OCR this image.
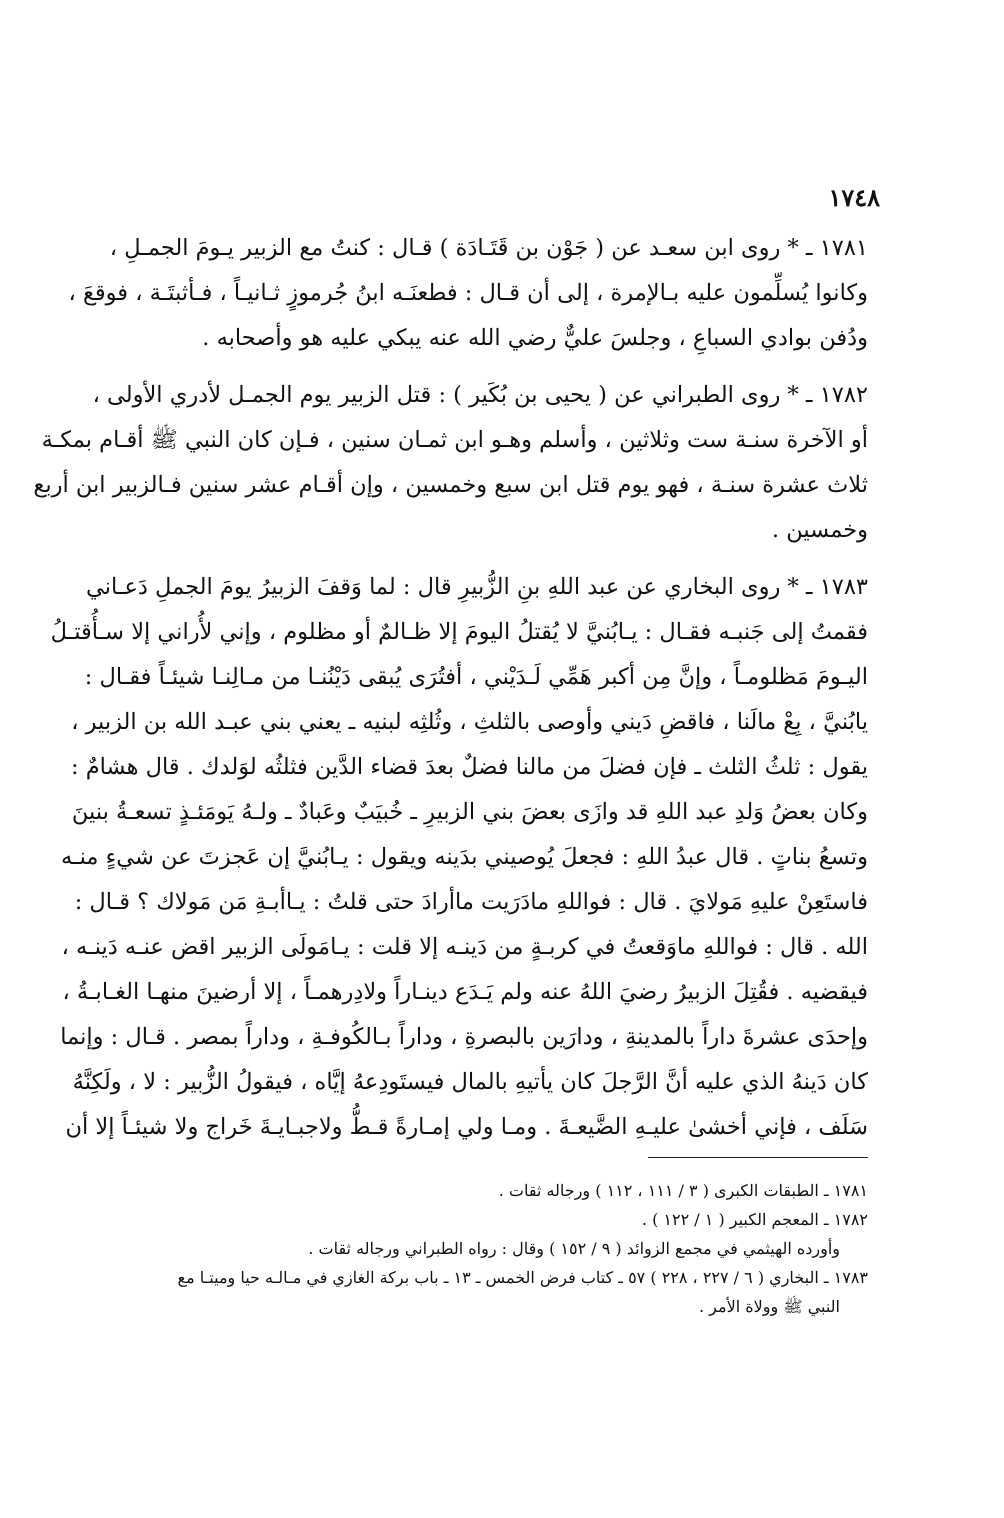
١٧٤٨

١٧٨١ ـ * روى ابن سعـد عن ( جَوْن بن قَتَـادَة ) قـال : كنتُ مع الزبير يـومَ الجمـلِ ،

وكانوا يُسلِّمون عليه بـالإمرة ، إلى أن قـال : فطعنَـه ابنُ جُرموزٍ ثـانيـاً ، فـأثبتَـة ، فوقعَ ،

ودُفن بوادي السباعِ ، وجلسَ عليٌّ رضي الله عنه يبكي عليه هو وأصحابه .

١٧٨٢ ـ * روى الطبراني عن ( يحيى بن بُكَير ) : قتل الزبير يوم الجمـل لأدري الأولى ،

أو الآخرة سنـة ست وثلاثين ، وأسلم وهـو ابن ثمـان سنين ، فـإن كان النبي ﷺ أقـام بمكـة

ثلاث عشرة سنـة ، فهو يوم قتل ابن سبع وخمسين ، وإن أقـام عشر سنين فـالزبير ابن أربع

وخمسين .

١٧٨٣ ـ * روى البخاري عن عبد اللهِ بنِ الزُّبيرِ قال : لما وَقفَ الزبيرُ يومَ الجملِ دَعـاني

فقمتُ إلى جَنبـه فقـال : يـابُنيَّ لا يُقتلُ اليومَ إلا ظـالمٌ أو مظلوم ، وإني لأُراني إلا سـأُقتـلُ

اليـومَ مَظلومـاً ، وإنَّ مِن أكبر هَمِّي لَـدَيْني ، أفتُرَى يُبقى دَيْنُنـا من مـالِنـا شيئـاً فقـال :

يابُنيَّ ، بِعْ مالَنا ، فاقضِ دَيني وأوصى بالثلثِ ، وثُلثِه لبنيه ـ يعني بني عبـد الله بن الزبير ،

يقول : ثلثُ الثلث ـ فإن فضلَ من مالنا فضلٌ بعدَ قضاء الدَّين فثلثُه لوَلدك . قال هشامٌ :

وكان بعضُ وَلدِ عبد اللهِ قد وازَى بعضَ بني الزبيرِ ـ خُبيَبٌ وعَبادٌ ـ ولـهُ يَومَئـذٍ تسعـةُ بنينَ

وتسعُ بناتٍ . قال عبدُ اللهِ : فجعلَ يُوصيني بدَينه ويقول : يـابُنيَّ إن عَجزتَ عن شيءٍ منـه

فاستَعِنْ عليهِ مَولايَ . قال : فواللهِ مادَرَيت ماأرادَ حتى قلتُ : يـاأبـةِ مَن مَولاك ؟ قـال :

الله . قال : فواللهِ ماوَقعتُ في كربـةٍ من دَينـه إلا قلت : يـامَولَى الزبير اقض عنـه دَينـه ،

فيقضيه . فقُتِلَ الزبيرُ رضيَ اللهُ عنه ولم يَـدَع دينـاراً ولادِرهمـاً ، إلا أرضينَ منهـا الغـابـةُ ،

وإحدَى عشرةَ داراً بالمدينةِ ، ودارَين بالبصرةِ ، وداراً بـالكُوفـةِ ، وداراً بمصر . قـال : وإنما

كان دَينهُ الذي عليه أنَّ الرَّجلَ كان يأتيهِ بالمال فيستَودِعهُ إيَّاه ، فيقولُ الزُّبير : لا ، ولَكِنَّهُ

سَلَف ، فإني أخشىٰ عليـهِ الضَّيعـةَ . ومـا ولي إمـارةً قـطُّ ولاجبـايـةَ خَراج ولا شيئـاً إلا أن

١٧٨١ ـ الطبقات الكبرى ( ٣ / ١١١ ، ١١٢ ) ورجاله ثقات .

١٧٨٢ ـ المعجم الكبير ( ١ / ١٢٢ ) .

وأورده الهيثمي في مجمع الزوائد ( ٩ / ١٥٢ ) وقال : رواه الطبراني ورجاله ثقات .

١٧٨٣ ـ البخاري ( ٦ / ٢٢٧ ، ٢٢٨ ) ٥٧ ـ كتاب فرض الخمس ـ ١٣ ـ باب بركة الغازي في مـالـه حيا وميتـا مع

النبي ﷺ وولاة الأمر .
